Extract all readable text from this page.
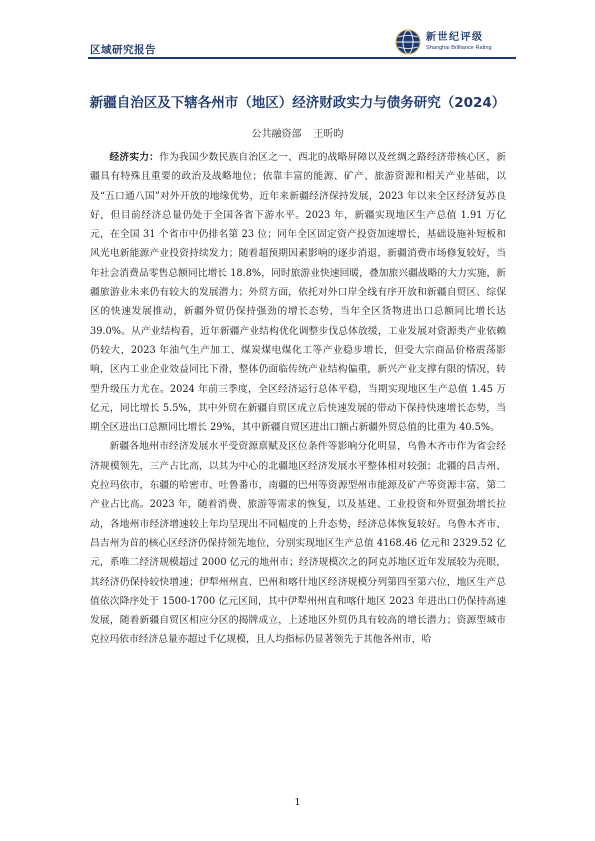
区域研究报告
新世纪评级
Shanghai Brilliance Rating
新疆自治区及下辖各州市（地区）经济财政实力与债务研究（2024）
公共融资部 王昕昀

经济实力：作为我国少数民族自治区之一、西北的战略屏障以及丝绸之路经济带核心区，新疆具有特殊且重要的政治及战略地位；依靠丰富的能源、矿产、旅游资源和相关产业基础，以及“五口通八国”对外开放的地缘优势，近年来新疆经济保持发展，2023 年以来全区经济复苏良好，但目前经济总量仍处于全国各省下游水平。2023 年，新疆实现地区生产总值 1.91 万亿元，在全国 31 个省市中仍排名第 23 位；同年全区固定资产投资加速增长，基础设施补短板和风光电新能源产业投资持续发力；随着超预期因素影响的逐步消退，新疆消费市场修复较好，当年社会消费品零售总额同比增长 18.8%，同时旅游业快速回暖，叠加旅兴疆战略的大力实施，新疆旅游业未来仍有较大的发展潜力；外贸方面，依托对外口岸全线有序开放和新疆自贸区、综保区的快速发展推动，新疆外贸仍保持强劲的增长态势，当年全区货物进出口总额同比增长达 39.0%。从产业结构看，近年新疆产业结构优化调整步伐总体放缓，工业发展对资源类产业依赖仍较大，2023 年油气生产加工、煤炭煤电煤化工等产业稳步增长，但受大宗商品价格震荡影响，区内工业企业效益同比下滑，整体仍面临传统产业结构偏重，新兴产业支撑有限的情况，转型升级压力尤在。2024 年前三季度，全区经济运行总体平稳，当期实现地区生产总值 1.45 万亿元，同比增长 5.5%，其中外贸在新疆自贸区成立后快速发展的带动下保持快速增长态势，当期全区进出口总额同比增长 29%，其中新疆自贸区进出口额占新疆外贸总值的比重为 40.5%。

新疆各地州市经济发展水平受资源禀赋及区位条件等影响分化明显，乌鲁木齐市作为省会经济规模领先，三产占比高，以其为中心的北疆地区经济发展水平整体相对较强；北疆的昌吉州、克拉玛依市，东疆的哈密市、吐鲁番市，南疆的巴州等资源型州市能源及矿产等资源丰富，第二产业占比高。2023 年，随着消费、旅游等需求的恢复，以及基建、工业投资和外贸强劲增长拉动，各地州市经济增速较上年均呈现出不同幅度的上升态势，经济总体恢复较好。乌鲁木齐市、昌吉州为首的核心区经济仍保持领先地位，分别实现地区生产总值 4168.46 亿元和 2329.52 亿元，系唯二经济规模超过 2000 亿元的地州市；经济规模次之的阿克苏地区近年发展较为亮眼，其经济仍保持较快增速；伊犁州州直、巴州和喀什地区经济规模分列第四至第六位，地区生产总值依次降序处于 1500-1700 亿元区间，其中伊犁州州直和喀什地区 2023 年进出口仍保持高速发展，随着新疆自贸区相应分区的揭牌成立，上述地区外贸仍具有较高的增长潜力；资源型城市克拉玛依市经济总量亦超过千亿规模，且人均指标仍显著领先于其他各州市，哈

1
